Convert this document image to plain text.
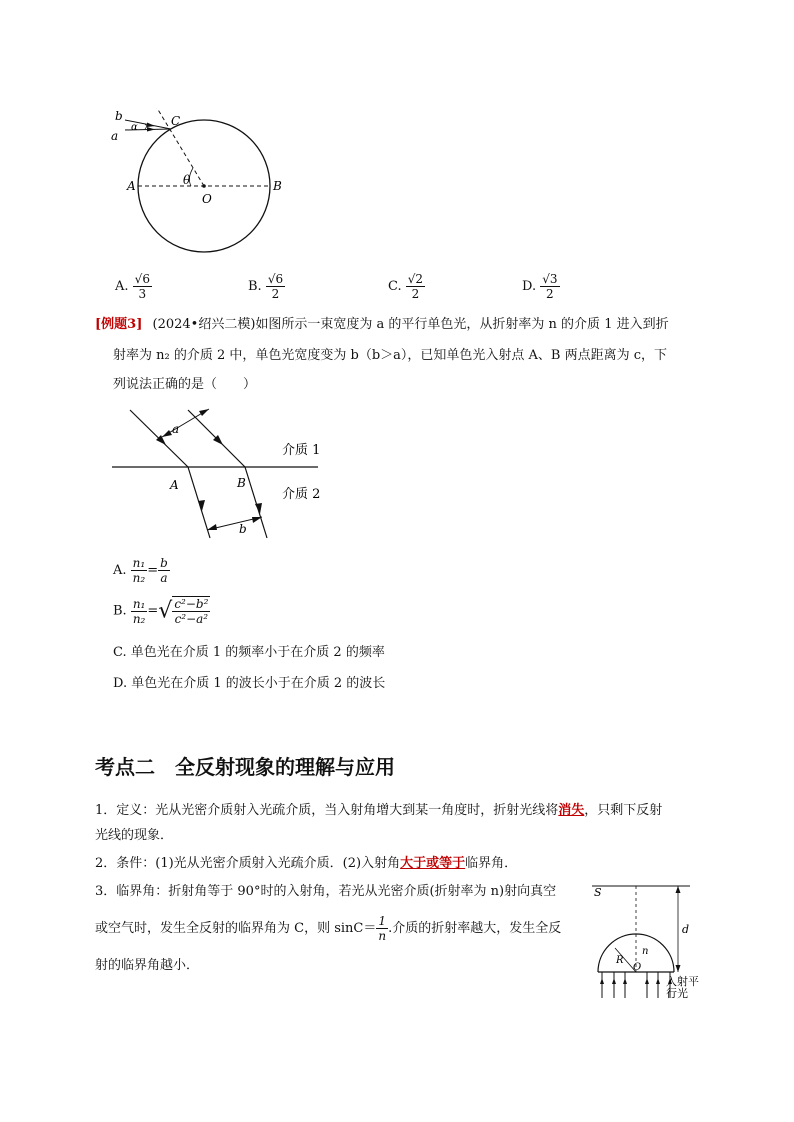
b
a
α	C
A	B
O
θ
A. $\frac{√6}{3}$	B. $\frac{√6}{2}$	C. $\frac{√2}{2}$	D. $\frac{√3}{2}$
[例题3] (2024•绍兴二模)如图所示一束宽度为 a 的平行单色光，从折射率为 n 的介质 1 进入到折
射率为 n₂ 的介质 2 中，单色光宽度变为 b（b＞a），已知单色光入射点 A、B 两点距离为 c，下
列说法正确的是（　　）
a
A	B
b
介质 1
介质 2
A. $\frac{\text{n₁}}{\text{n₂}} = \frac{b}{a}$
B. $\frac{\text{n₁}}{\text{n₂}}$ =√ $\frac{\text{c²−b²}}{\text{c²−a²}}$
C. 单色光在介质 1 的频率小于在介质 2 的频率
D. 单色光在介质 1 的波长小于在介质 2 的波长
考点二　全反射现象的理解与应用
1．定义：光从光密介质射入光疏介质，当入射角增大到某一角度时，折射光线将消失，只剩下反射
光线的现象．
2．条件：(1)光从光密介质射入光疏介质．(2)入射角大于或等于临界角．
3．临界角：折射角等于 90°时的入射角，若光从光密介质(折射率为 n)射向真空
或空气时，发生全反射的临界角为 C，则 $\sin C= \frac{1}{n}$ .介质的折射率越大，发生全反
射的临界角越小．
S
d
n
R
O
入射平
行光
